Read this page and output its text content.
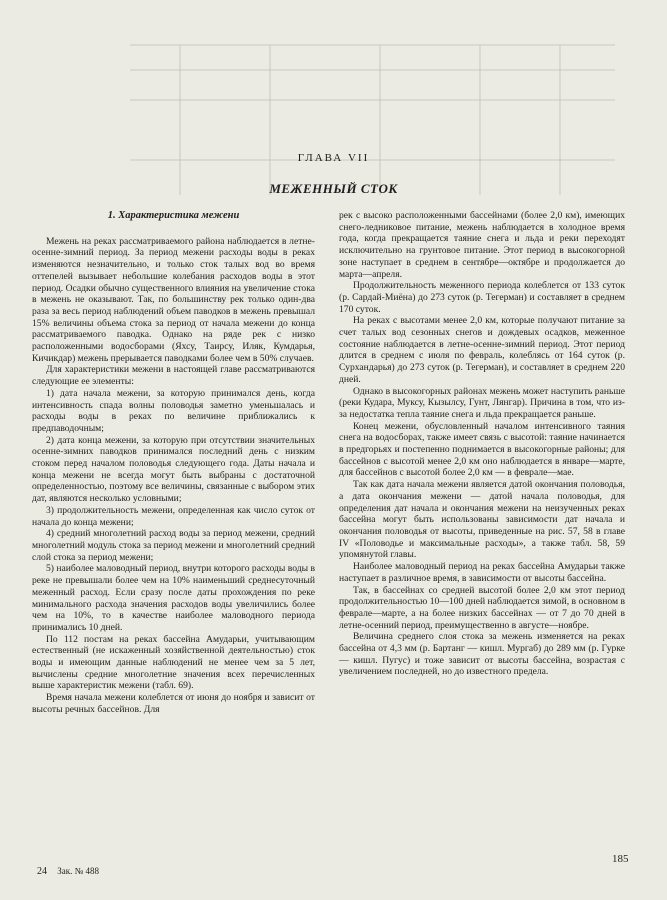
ГЛАВА VII
МЕЖЕННЫЙ СТОК
1. Характеристика межени

Межень на реках рассматриваемого района наблюдается в летне-осенне-зимний период. За период межени расходы воды в реках изменяются незначительно, и только сток талых вод во время оттепелей вызывает небольшие колебания расходов воды в этот период. Осадки обычно существенного влияния на увеличение стока в межень не оказывают. Так, по большинству рек только один-два раза за весь период наблюдений объем паводков в межень превышал 15% величины объема стока за период от начала межени до конца рассматриваемого паводка. Однако на ряде рек с низко расположенными водосборами (Яхсу, Таирсу, Иляк, Кумдарья, Кичикдар) межень прерывается паводками более чем в 50% случаев.

Для характеристики межени в настоящей главе рассматриваются следующие ее элементы:

1) дата начала межени, за которую принимался день, когда интенсивность спада волны половодья заметно уменьшалась и расходы воды в реках по величине приближались к предпаводочным;

2) дата конца межени, за которую при отсутствии значительных осенне-зимних паводков принимался последний день с низким стоком перед началом половодья следующего года. Даты начала и конца межени не всегда могут быть выбраны с достаточной определенностью, поэтому все величины, связанные с выбором этих дат, являются несколько условными;

3) продолжительность межени, определенная как число суток от начала до конца межени;

4) средний многолетний расход воды за период межени, средний многолетний модуль стока за период межени и многолетний средний слой стока за период межени;

5) наиболее маловодный период, внутри которого расходы воды в реке не превышали более чем на 10% наименьший среднесуточный меженный расход. Если сразу после даты прохождения по реке минимального расхода значения расходов воды увеличились более чем на 10%, то в качестве наиболее маловодного периода принимались 10 дней.

По 112 постам на реках бассейна Амударьи, учитывающим естественный (не искаженный хозяйственной деятельностью) сток воды и имеющим данные наблюдений не менее чем за 5 лет, вычислены средние многолетние значения всех перечисленных выше характеристик межени (табл. 69).

Время начала межени колеблется от июня до ноября и зависит от высоты речных бассейнов. Для

рек с высоко расположенными бассейнами (более 2,0 км), имеющих снего-ледниковое питание, межень наблюдается в холодное время года, когда прекращается таяние снега и льда и реки переходят исключительно на грунтовое питание. Этот период в высокогорной зоне наступает в среднем в сентябре—октябре и продолжается до марта—апреля.

Продолжительность меженного периода колеблется от 133 суток (р. Сардай-Миёна) до 273 суток (р. Тегерман) и составляет в среднем 170 суток.

На реках с высотами менее 2,0 км, которые получают питание за счет талых вод сезонных снегов и дождевых осадков, меженное состояние наблюдается в летне-осенне-зимний период. Этот период длится в среднем с июля по февраль, колеблясь от 164 суток (р. Сурхандарья) до 273 суток (р. Тегерман), и составляет в среднем 220 дней.

Однако в высокогорных районах межень может наступить раньше (реки Кудара, Муксу, Кызылсу, Гунт, Лянгар). Причина в том, что из-за недостатка тепла таяние снега и льда прекращается раньше.

Конец межени, обусловленный началом интенсивного таяния снега на водосборах, также имеет связь с высотой: таяние начинается в предгорьях и постепенно поднимается в высокогорные районы; для бассейнов с высотой менее 2,0 км оно наблюдается в январе—марте, для бассейнов с высотой более 2,0 км — в феврале—мае.

Так как дата начала межени является датой окончания половодья, а дата окончания межени — датой начала половодья, для определения дат начала и окончания межени на неизученных реках бассейна могут быть использованы зависимости дат начала и окончания половодья от высоты, приведенные на рис. 57, 58 в главе IV «Половодье и максимальные расходы», а также табл. 58, 59 упомянутой главы.

Наиболее маловодный период на реках бассейна Амударьи также наступает в различное время, в зависимости от высоты бассейна.

Так, в бассейнах со средней высотой более 2,0 км этот период продолжительностью 10—100 дней наблюдается зимой, в основном в феврале—марте, а на более низких бассейнах — от 7 до 70 дней в летне-осенний период, преимущественно в августе—ноябре.

Величина среднего слоя стока за межень изменяется на реках бассейна от 4,3 мм (р. Бартанг — кишл. Мургаб) до 289 мм (р. Гурке — кишл. Пугус) и тоже зависит от высоты бассейна, возрастая с увеличением последней, но до известного предела.

24 Зак. № 488
185
